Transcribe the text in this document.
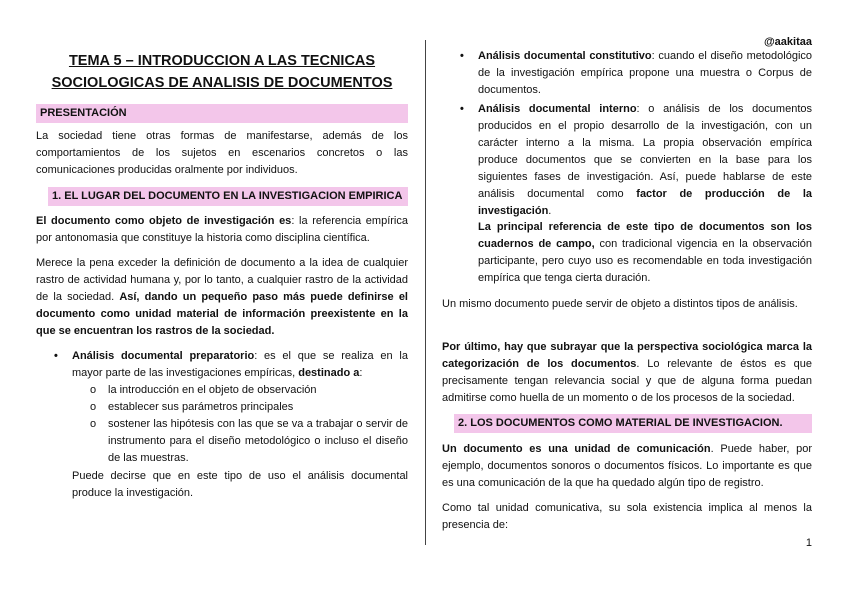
@aakitaa
TEMA 5 – INTRODUCCION A LAS TECNICAS SOCIOLOGICAS DE ANALISIS DE DOCUMENTOS
PRESENTACIÓN

La sociedad tiene otras formas de manifestarse, además de los comportamientos de los sujetos en escenarios concretos o las comunicaciones producidas oralmente por individuos.

1. EL LUGAR DEL DOCUMENTO EN LA INVESTIGACION EMPIRICA

El documento como objeto de investigación es: la referencia empírica por antonomasia que constituye la historia como disciplina científica.

Merece la pena exceder la definición de documento a la idea de cualquier rastro de actividad humana y, por lo tanto, a cualquier rastro de la actividad de la sociedad. Así, dando un pequeño paso más puede definirse el documento como unidad material de información preexistente en la que se encuentran los rastros de la sociedad.

• Análisis documental preparatorio: es el que se realiza en la mayor parte de las investigaciones empíricas, destinado a:
o la introducción en el objeto de observación
o establecer sus parámetros principales
o sostener las hipótesis con las que se va a trabajar o servir de instrumento para el diseño metodológico o incluso el diseño de las muestras.

Puede decirse que en este tipo de uso el análisis documental produce la investigación.

• Análisis documental constitutivo: cuando el diseño metodológico de la investigación empírica propone una muestra o Corpus de documentos.
• Análisis documental interno: o análisis de los documentos producidos en el propio desarrollo de la investigación, con un carácter interno a la misma. La propia observación empírica produce documentos que se convierten en la base para los siguientes fases de investigación. Así, puede hablarse de este análisis documental como factor de producción de la investigación.

La principal referencia de este tipo de documentos son los cuadernos de campo, con tradicional vigencia en la observación participante, pero cuyo uso es recomendable en toda investigación empírica que tenga cierta duración.

Un mismo documento puede servir de objeto a distintos tipos de análisis.

Por último, hay que subrayar que la perspectiva sociológica marca la categorización de los documentos. Lo relevante de éstos es que precisamente tengan relevancia social y que de alguna forma puedan admitirse como huella de un momento o de los procesos de la sociedad.

2. LOS DOCUMENTOS COMO MATERIAL DE INVESTIGACION.

Un documento es una unidad de comunicación. Puede haber, por ejemplo, documentos sonoros o documentos físicos. Lo importante es que es una comunicación de la que ha quedado algún tipo de registro.

Como tal unidad comunicativa, su sola existencia implica al menos la presencia de:

1
